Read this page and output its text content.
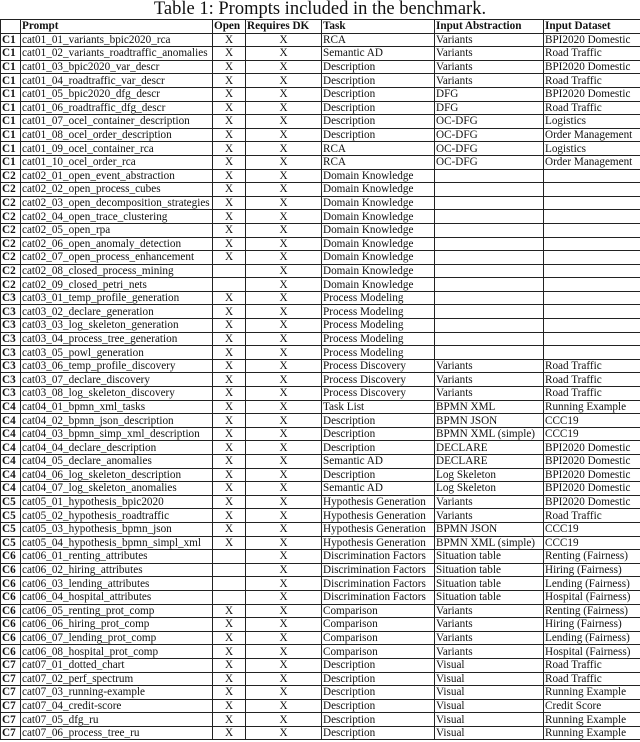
Table 1: Prompts included in the benchmark.
	Prompt	Open	Requires DK	Task	Input Abstraction	Input Dataset
C1	cat01_01_variants_bpic2020_rca	X	X	RCA	Variants	BPI2020 Domestic
C1	cat01_02_variants_roadtraffic_anomalies	X	X	Semantic AD	Variants	Road Traffic
C1	cat01_03_bpic2020_var_descr	X	X	Description	Variants	BPI2020 Domestic
C1	cat01_04_roadtraffic_var_descr	X	X	Description	Variants	Road Traffic
C1	cat01_05_bpic2020_dfg_descr	X	X	Description	DFG	BPI2020 Domestic
C1	cat01_06_roadtraffic_dfg_descr	X	X	Description	DFG	Road Traffic
C1	cat01_07_ocel_container_description	X	X	Description	OC-DFG	Logistics
C1	cat01_08_ocel_order_description	X	X	Description	OC-DFG	Order Management
C1	cat01_09_ocel_container_rca	X	X	RCA	OC-DFG	Logistics
C1	cat01_10_ocel_order_rca	X	X	RCA	OC-DFG	Order Management
C2	cat02_01_open_event_abstraction	X	X	Domain Knowledge		
C2	cat02_02_open_process_cubes	X	X	Domain Knowledge		
C2	cat02_03_open_decomposition_strategies	X	X	Domain Knowledge		
C2	cat02_04_open_trace_clustering	X	X	Domain Knowledge		
C2	cat02_05_open_rpa	X	X	Domain Knowledge		
C2	cat02_06_open_anomaly_detection	X	X	Domain Knowledge		
C2	cat02_07_open_process_enhancement	X	X	Domain Knowledge		
C2	cat02_08_closed_process_mining		X	Domain Knowledge		
C2	cat02_09_closed_petri_nets		X	Domain Knowledge		
C3	cat03_01_temp_profile_generation	X	X	Process Modeling		
C3	cat03_02_declare_generation	X	X	Process Modeling		
C3	cat03_03_log_skeleton_generation	X	X	Process Modeling		
C3	cat03_04_process_tree_generation	X	X	Process Modeling		
C3	cat03_05_powl_generation	X	X	Process Modeling		
C3	cat03_06_temp_profile_discovery	X	X	Process Discovery	Variants	Road Traffic
C3	cat03_07_declare_discovery	X	X	Process Discovery	Variants	Road Traffic
C3	cat03_08_log_skeleton_discovery	X	X	Process Discovery	Variants	Road Traffic
C4	cat04_01_bpmn_xml_tasks	X	X	Task List	BPMN XML	Running Example
C4	cat04_02_bpmn_json_description	X	X	Description	BPMN JSON	CCC19
C4	cat04_03_bpmn_simp_xml_description	X	X	Description	BPMN XML (simple)	CCC19
C4	cat04_04_declare_description	X	X	Description	DECLARE	BPI2020 Domestic
C4	cat04_05_declare_anomalies	X	X	Semantic AD	DECLARE	BPI2020 Domestic
C4	cat04_06_log_skeleton_description	X	X	Description	Log Skeleton	BPI2020 Domestic
C4	cat04_07_log_skeleton_anomalies	X	X	Semantic AD	Log Skeleton	BPI2020 Domestic
C5	cat05_01_hypothesis_bpic2020	X	X	Hypothesis Generation	Variants	BPI2020 Domestic
C5	cat05_02_hypothesis_roadtraffic	X	X	Hypothesis Generation	Variants	Road Traffic
C5	cat05_03_hypothesis_bpmn_json	X	X	Hypothesis Generation	BPMN JSON	CCC19
C5	cat05_04_hypothesis_bpmn_simpl_xml	X	X	Hypothesis Generation	BPMN XML (simple)	CCC19
C6	cat06_01_renting_attributes		X	Discrimination Factors	Situation table	Renting (Fairness)
C6	cat06_02_hiring_attributes		X	Discrimination Factors	Situation table	Hiring (Fairness)
C6	cat06_03_lending_attributes		X	Discrimination Factors	Situation table	Lending (Fairness)
C6	cat06_04_hospital_attributes		X	Discrimination Factors	Situation table	Hospital (Fairness)
C6	cat06_05_renting_prot_comp	X	X	Comparison	Variants	Renting (Fairness)
C6	cat06_06_hiring_prot_comp	X	X	Comparison	Variants	Hiring (Fairness)
C6	cat06_07_lending_prot_comp	X	X	Comparison	Variants	Lending (Fairness)
C6	cat06_08_hospital_prot_comp	X	X	Comparison	Variants	Hospital (Fairness)
C7	cat07_01_dotted_chart	X	X	Description	Visual	Road Traffic
C7	cat07_02_perf_spectrum	X	X	Description	Visual	Road Traffic
C7	cat07_03_running-example	X	X	Description	Visual	Running Example
C7	cat07_04_credit-score	X	X	Description	Visual	Credit Score
C7	cat07_05_dfg_ru	X	X	Description	Visual	Running Example
C7	cat07_06_process_tree_ru	X	X	Description	Visual	Running Example
